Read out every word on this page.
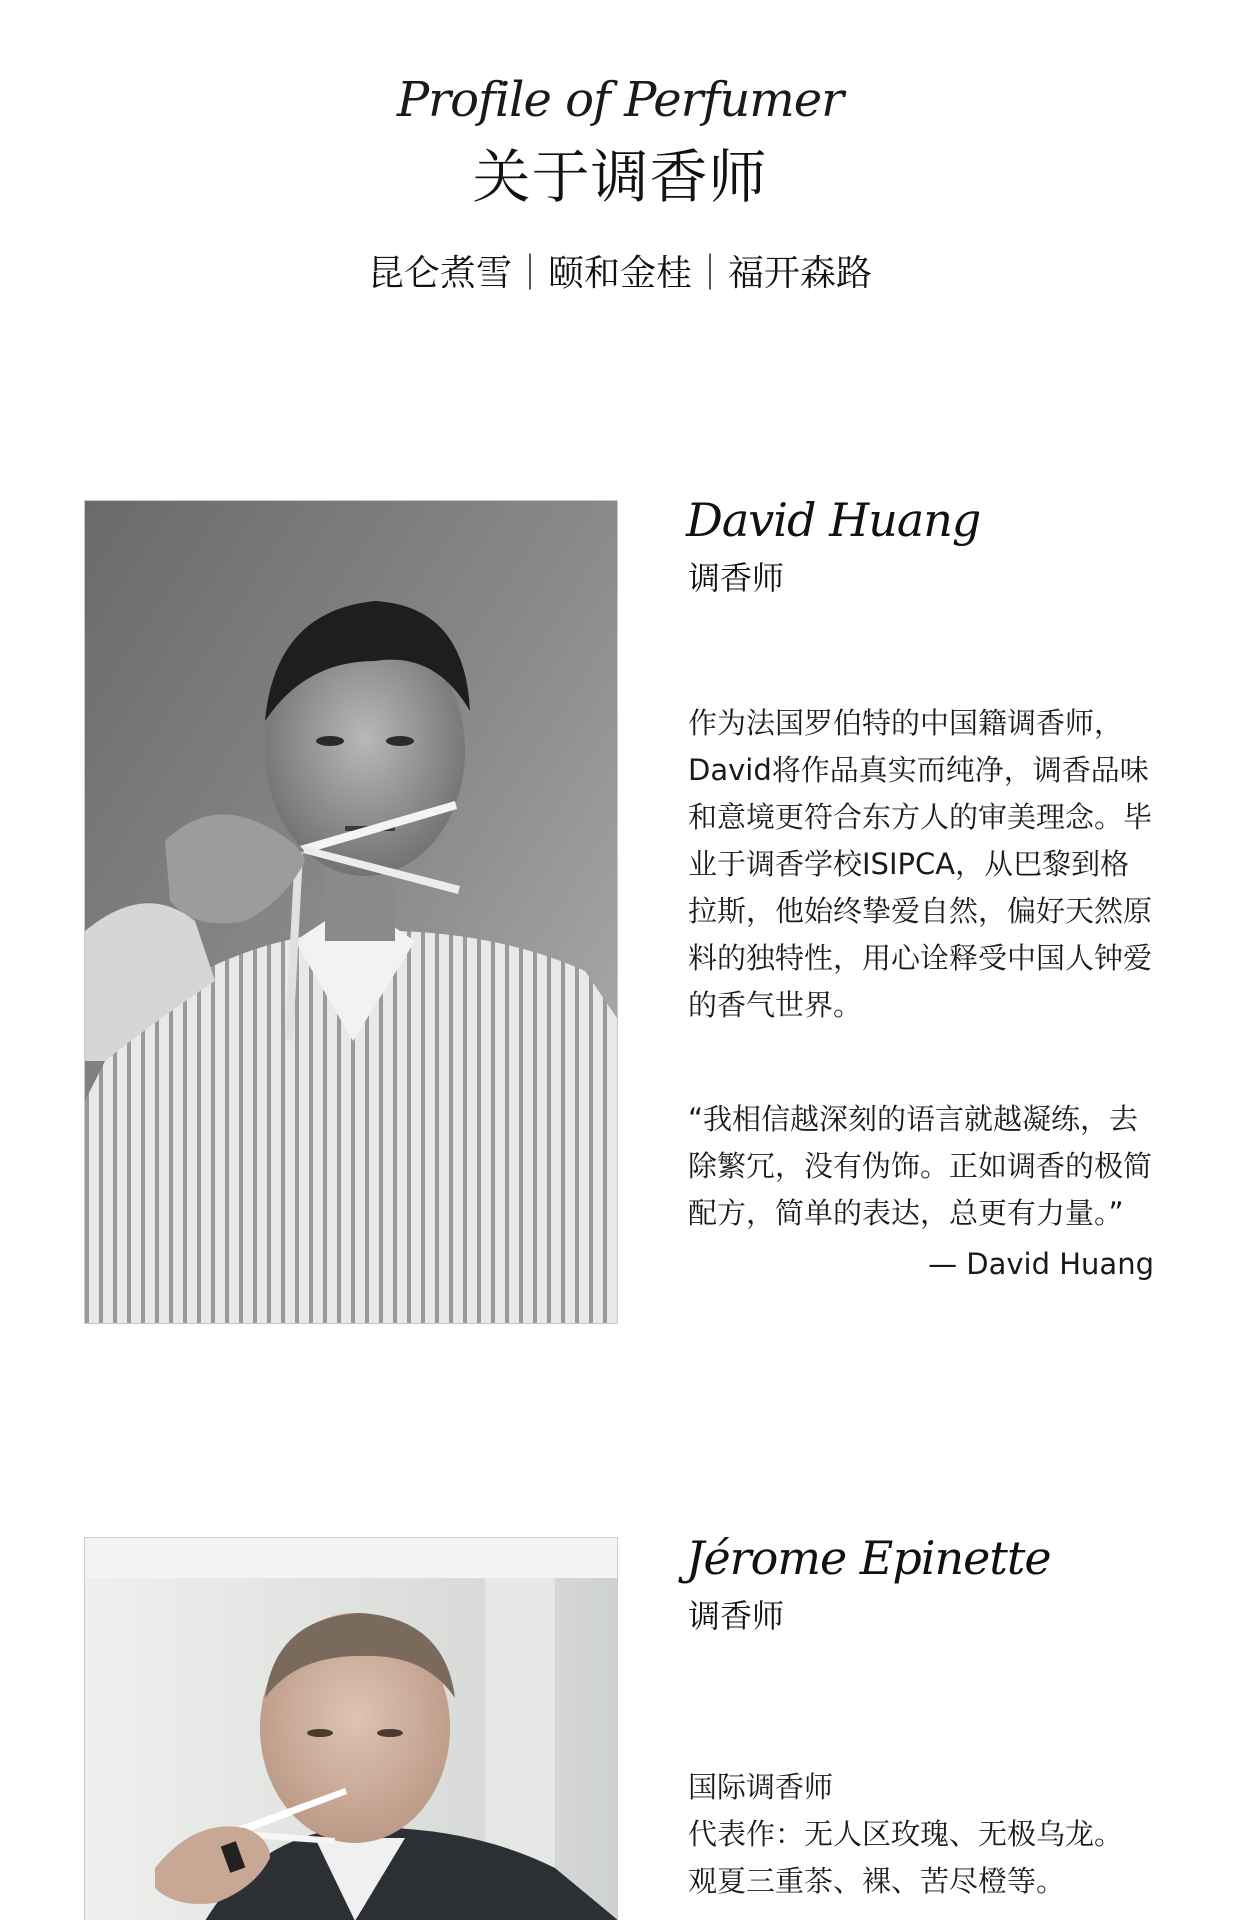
Profile of Perfumer
关于调香师
昆仑煮雪｜颐和金桂｜福开森路
David Huang
调香师

作为法国罗伯特的中国籍调香师，David将作品真实而纯净，调香品味和意境更符合东方人的审美理念。毕业于调香学校ISIPCA，从巴黎到格拉斯，他始终挚爱自然，偏好天然原料的独特性，用心诠释受中国人钟爱的香气世界。

“我相信越深刻的语言就越凝练，去除繁冗，没有伪饰。正如调香的极简配方，简单的表达，总更有力量。”

— David Huang
Jérome Epinette
调香师

国际调香师

代表作：无人区玫瑰、无极乌龙。

观夏三重茶、裸、苦尽橙等。
